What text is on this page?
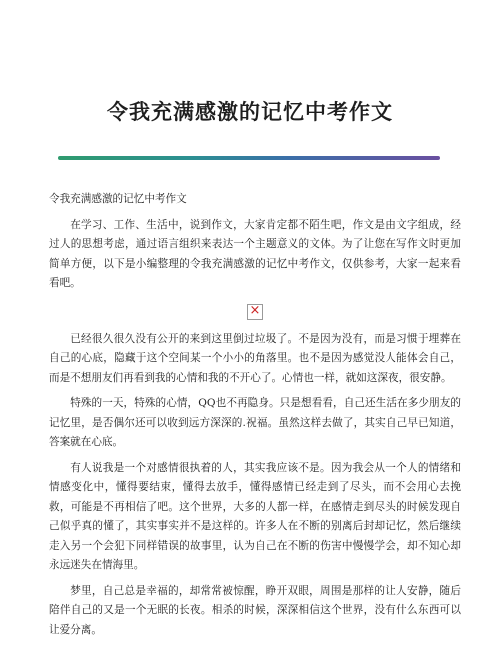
令我充满感激的记忆中考作文

令我充满感激的记忆中考作文

在学习、工作、生活中，说到作文，大家肯定都不陌生吧，作文是由文字组成，经过人的思想考虑，通过语言组织来表达一个主题意义的文体。为了让您在写作文时更加简单方便，以下是小编整理的令我充满感激的记忆中考作文，仅供参考，大家一起来看看吧。

×

已经很久很久没有公开的来到这里倒过垃圾了。不是因为没有，而是习惯于埋葬在自己的心底，隐藏于这个空间某一个小小的角落里。也不是因为感觉没人能体会自己，而是不想朋友们再看到我的心情和我的不开心了。心情也一样，就如这深夜，很安静。

特殊的一天，特殊的心情，QQ也不再隐身。只是想看看，自己还生活在多少朋友的记忆里，是否偶尔还可以收到远方深深的.祝福。虽然这样去做了，其实自己早已知道，答案就在心底。

有人说我是一个对感情很执着的人，其实我应该不是。因为我会从一个人的情绪和情感变化中，懂得要结束，懂得去放手，懂得感情已经走到了尽头，而不会用心去挽救，可能是不再相信了吧。这个世界，大多的人都一样，在感情走到尽头的时候发现自己似乎真的懂了，其实事实并不是这样的。许多人在不断的别离后封却记忆，然后继续走入另一个会犯下同样错误的故事里，认为自己在不断的伤害中慢慢学会，却不知心却永远迷失在情海里。

梦里，自己总是幸福的，却常常被惊醒，睁开双眼，周围是那样的让人安静，随后陪伴自己的又是一个无眠的长夜。相杀的时候，深深相信这个世界，没有什么东西可以让爱分离。
